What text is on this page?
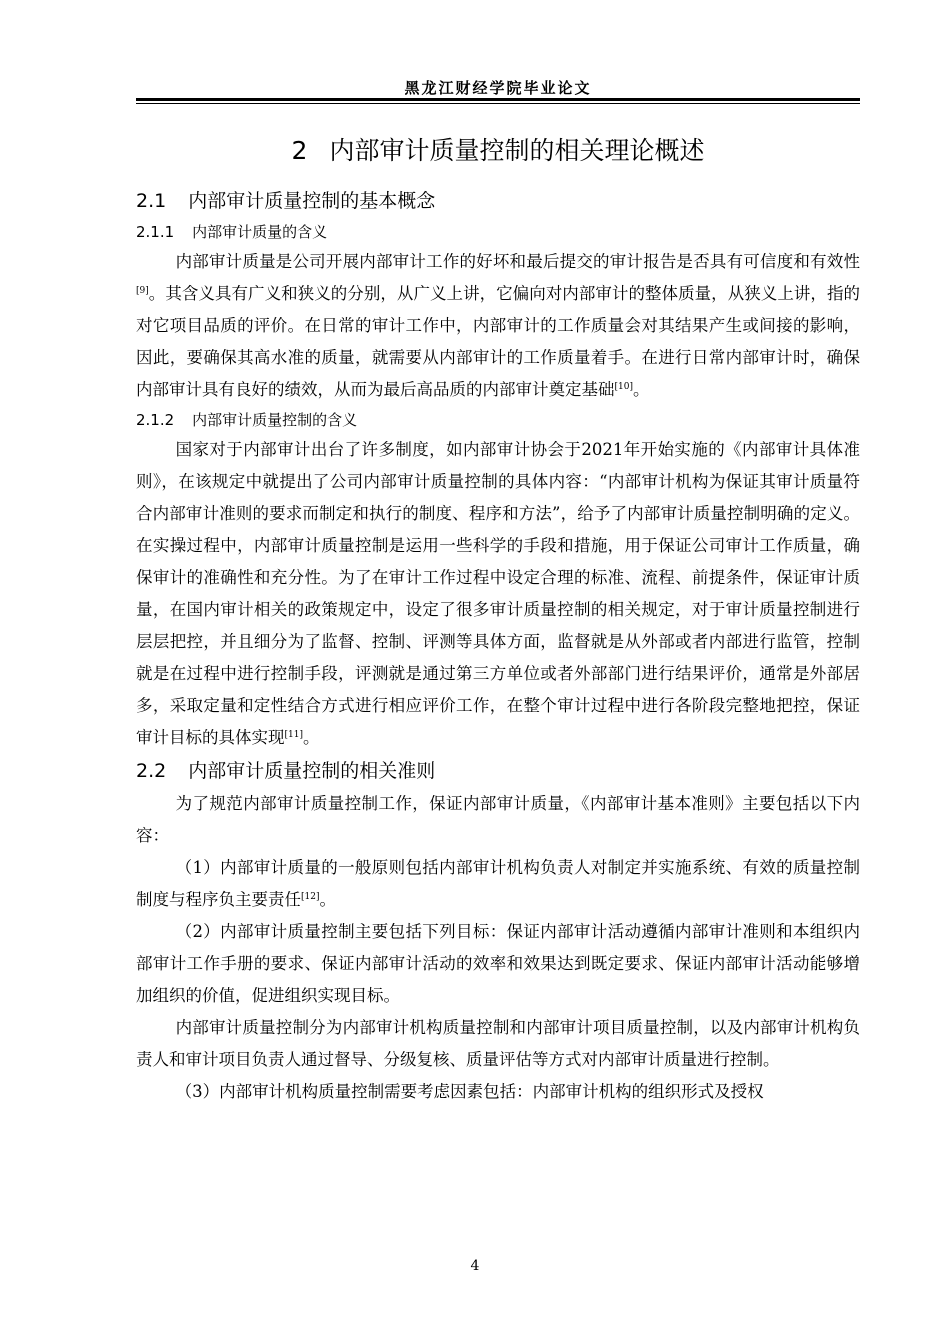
黑龙江财经学院毕业论文
2 内部审计质量控制的相关理论概述
2.1 内部审计质量控制的基本概念
2.1.1 内部审计质量的含义

内部审计质量是公司开展内部审计工作的好坏和最后提交的审计报告是否具有可信度和有效性[9]。其含义具有广义和狭义的分别，从广义上讲，它偏向对内部审计的整体质量，从狭义上讲，指的对它项目品质的评价。在日常的审计工作中，内部审计的工作质量会对其结果产生或间接的影响，因此，要确保其高水准的质量，就需要从内部审计的工作质量着手。在进行日常内部审计时，确保内部审计具有良好的绩效，从而为最后高品质的内部审计奠定基础[10]。

2.1.2 内部审计质量控制的含义

国家对于内部审计出台了许多制度，如内部审计协会于2021年开始实施的《内部审计具体准则》，在该规定中就提出了公司内部审计质量控制的具体内容：“内部审计机构为保证其审计质量符合内部审计准则的要求而制定和执行的制度、程序和方法”，给予了内部审计质量控制明确的定义。在实操过程中，内部审计质量控制是运用一些科学的手段和措施，用于保证公司审计工作质量，确保审计的准确性和充分性。为了在审计工作过程中设定合理的标准、流程、前提条件，保证审计质量，在国内审计相关的政策规定中，设定了很多审计质量控制的相关规定，对于审计质量控制进行层层把控，并且细分为了监督、控制、评测等具体方面，监督就是从外部或者内部进行监管，控制就是在过程中进行控制手段，评测就是通过第三方单位或者外部部门进行结果评价，通常是外部居多，采取定量和定性结合方式进行相应评价工作，在整个审计过程中进行各阶段完整地把控，保证审计目标的具体实现[11]。

2.2 内部审计质量控制的相关准则

为了规范内部审计质量控制工作，保证内部审计质量，《内部审计基本准则》主要包括以下内容：

（1）内部审计质量的一般原则包括内部审计机构负责人对制定并实施系统、有效的质量控制制度与程序负主要责任[12]。

（2）内部审计质量控制主要包括下列目标：保证内部审计活动遵循内部审计准则和本组织内部审计工作手册的要求、保证内部审计活动的效率和效果达到既定要求、保证内部审计活动能够增加组织的价值，促进组织实现目标。

内部审计质量控制分为内部审计机构质量控制和内部审计项目质量控制，以及内部审计机构负责人和审计项目负责人通过督导、分级复核、质量评估等方式对内部审计质量进行控制。

（3）内部审计机构质量控制需要考虑因素包括：内部审计机构的组织形式及授权

4
